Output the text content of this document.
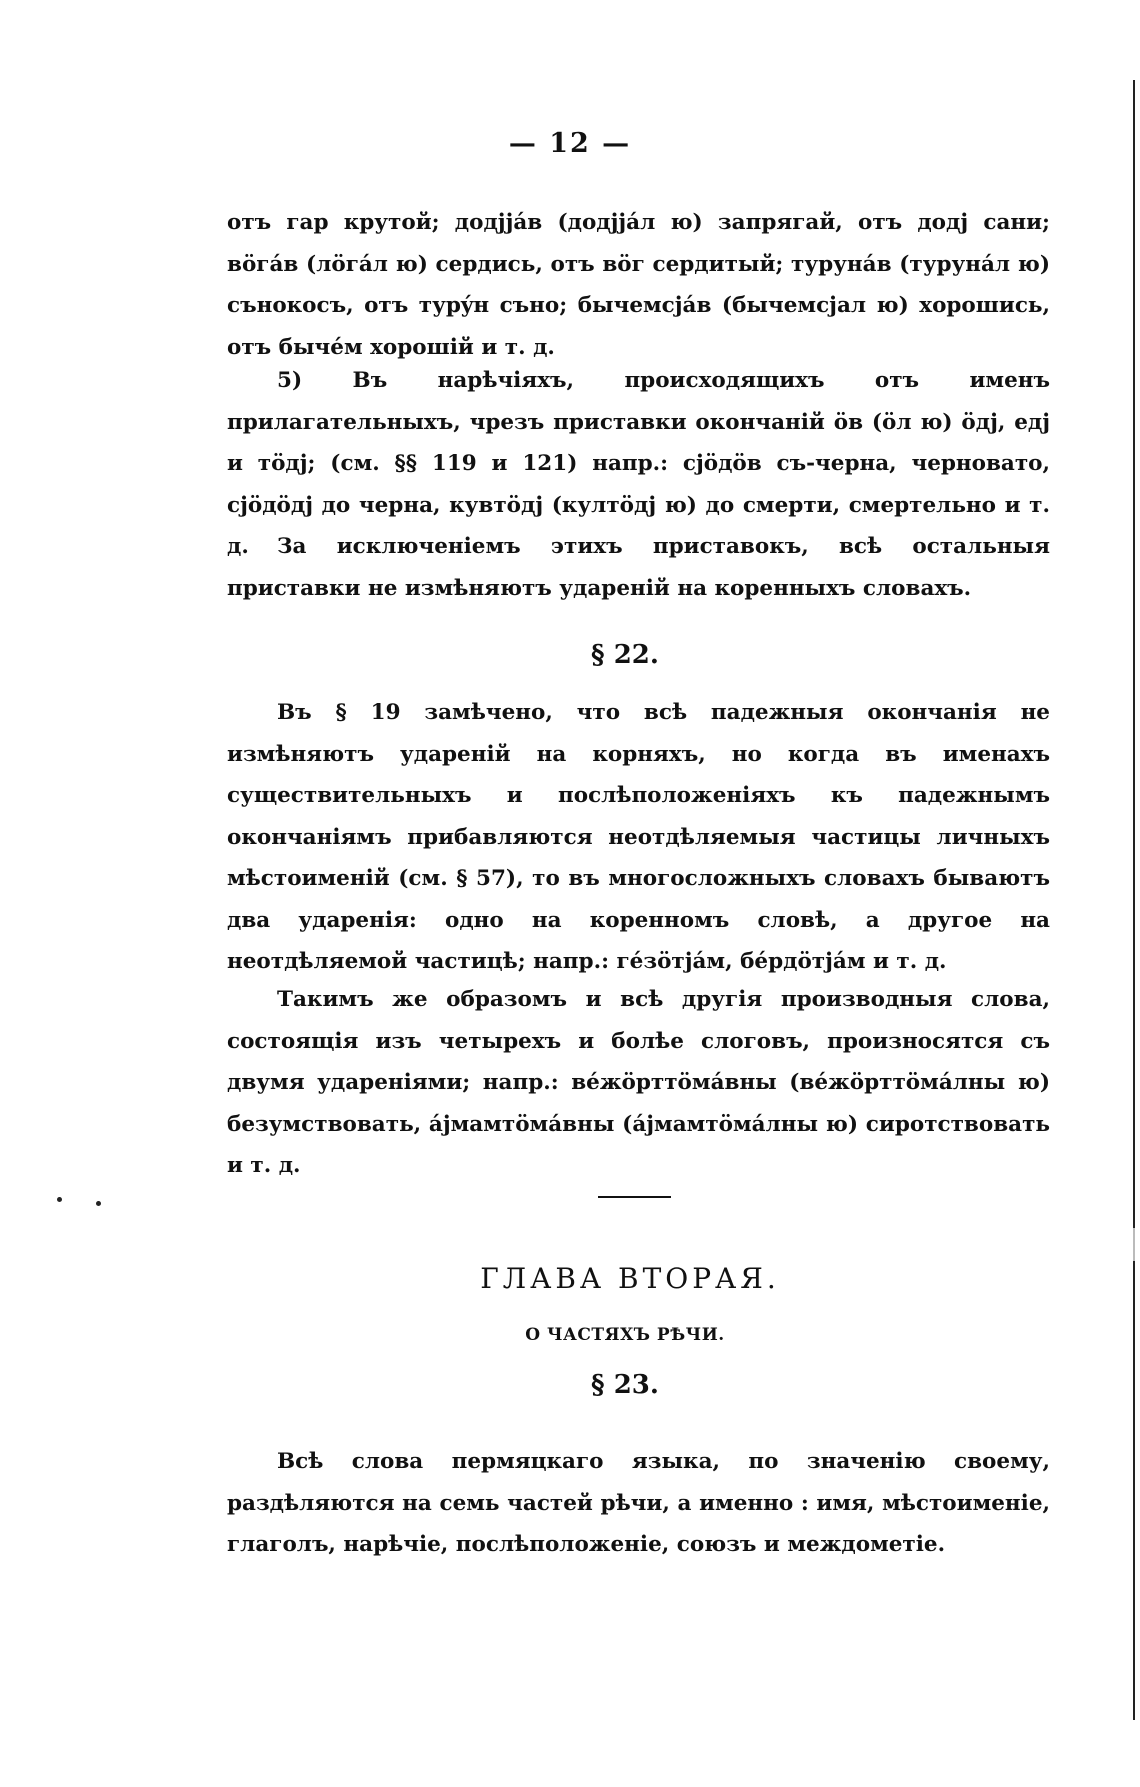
— 12 —

отъ гар крутой; додјјáв (додјјáл ю) запрягай, отъ додј сани; вöгáв (лöгáл ю) сердись, отъ вöг сердитый; турунáв (турунáл ю) сънокосъ, отъ турýн съно; бычемсјáв (бычемсјал ю) хорошись, отъ бычéм хорошій и т. д.

5) Въ нарѣчіяхъ, происходящихъ отъ именъ прилагательныхъ, чрезъ приставки окончаній ӧв (öл ю) öдј, едј и тöдј; (см. §§ 119 и 121) напр.: сјöдöв съ-черна, черновато, сјöдöдј до черна, кувтöдј (култöдј ю) до смерти, смертельно и т. д.	За исключеніемъ этихъ приставокъ, всѣ остальныя приставки не измѣняютъ удареній на коренныхъ словахъ.

§ 22.

Въ § 19 замѣчено, что всѣ падежныя окончанія не измѣняютъ удареній на корняхъ, но когда въ именахъ существительныхъ и послѣположеніяхъ къ падежнымъ окончаніямъ прибавляются неотдѣляемыя частицы личныхъ мѣстоименій (см. § 57), то въ многосложныхъ словахъ бываютъ два ударенія: одно на коренномъ словѣ, а другое на неотдѣляемой частицѣ; напр.: гéзöтјáм, бéрдöтјáм и т. д.

Такимъ же образомъ и всѣ другія производныя слова, состоящія изъ четырехъ и болѣе слоговъ, произносятся съ двумя удареніями; напр.: вéжöрттöмáвны (вéжöрттöмáлны ю) безумствовать, áјмамтöмáвны (áјмамтöмáлны ю) сиротствовать и т. д.

ГЛАВА ВТОРАЯ.
О ЧАСТЯХЪ РѢЧИ.
§ 23.

Всѣ слова пермяцкаго языка, по значенію своему, раздѣляются на семь частей рѣчи, а именно : имя, мѣстоименіе, глаголъ, нарѣчіе, послѣположеніе, союзъ и междометіе.
